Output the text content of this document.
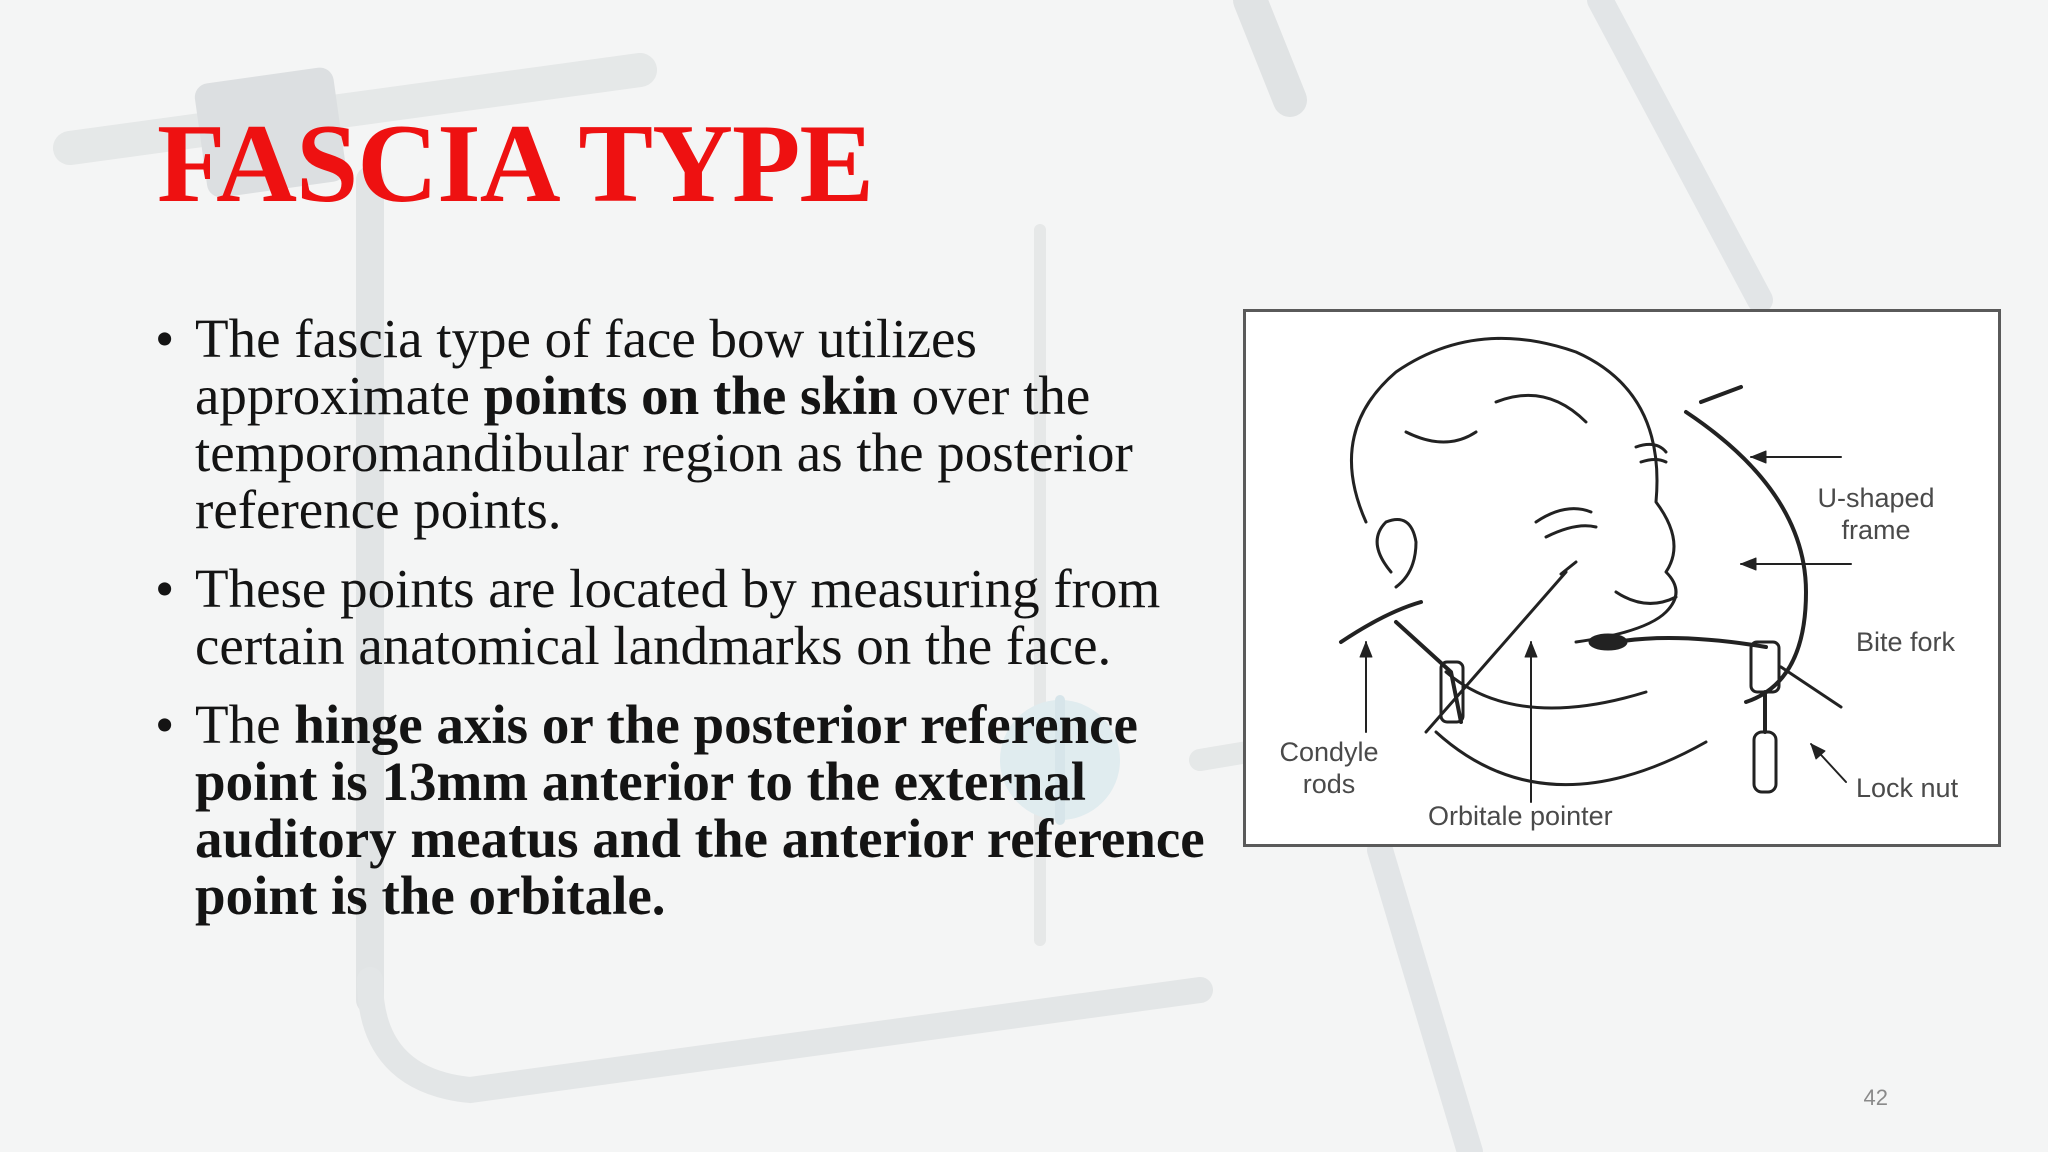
FASCIA TYPE
• The fascia type of face bow utilizes approximate points on the skin over the temporomandibular region as the posterior reference points.
• These points are located by measuring from certain anatomical landmarks on the face.
• The hinge axis or the posterior reference point is 13mm anterior to the external auditory meatus and the anterior reference point is the orbitale.
U-shaped
frame
Bite fork
Condyle
rods	Lock nut
Orbitale pointer
42
